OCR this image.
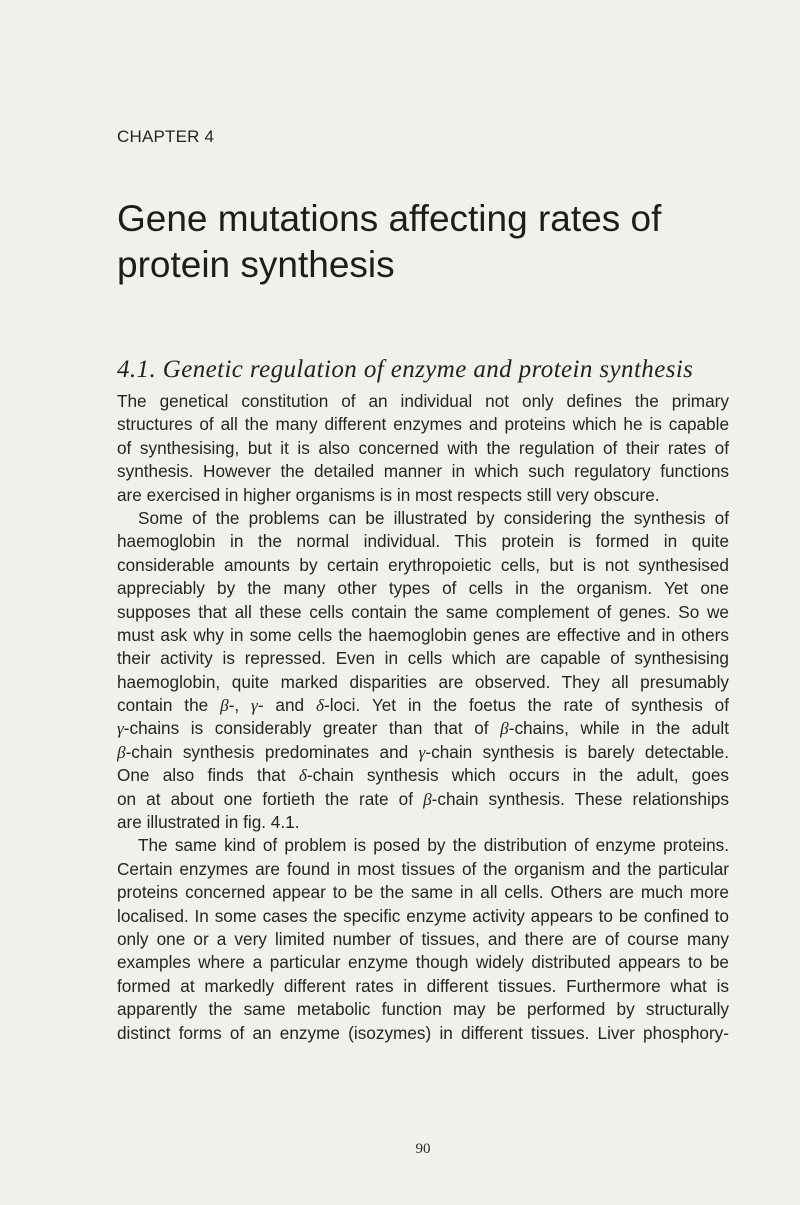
CHAPTER 4
Gene mutations affecting rates of
protein synthesis
4.1. Genetic regulation of enzyme and protein synthesis
The genetical constitution of an individual not only defines the primary
structures of all the many different enzymes and proteins which he is capable
of synthesising, but it is also concerned with the regulation of their rates of
synthesis. However the detailed manner in which such regulatory functions
are exercised in higher organisms is in most respects still very obscure.
Some of the problems can be illustrated by considering the synthesis of
haemoglobin in the normal individual. This protein is formed in quite
considerable amounts by certain erythropoietic cells, but is not synthesised
appreciably by the many other types of cells in the organism. Yet one
supposes that all these cells contain the same complement of genes. So we
must ask why in some cells the haemoglobin genes are effective and in others
their activity is repressed. Even in cells which are capable of synthesising
haemoglobin, quite marked disparities are observed. They all presumably
contain the β-, γ- and δ-loci. Yet in the foetus the rate of synthesis of
γ-chains is considerably greater than that of β-chains, while in the adult
β-chain synthesis predominates and γ-chain synthesis is barely detectable.
One also finds that δ-chain synthesis which occurs in the adult, goes
on at about one fortieth the rate of β-chain synthesis. These relationships
are illustrated in fig. 4.1.
The same kind of problem is posed by the distribution of enzyme proteins.
Certain enzymes are found in most tissues of the organism and the particular
proteins concerned appear to be the same in all cells. Others are much more
localised. In some cases the specific enzyme activity appears to be confined to
only one or a very limited number of tissues, and there are of course many
examples where a particular enzyme though widely distributed appears to be
formed at markedly different rates in different tissues. Furthermore what is
apparently the same metabolic function may be performed by structurally
distinct forms of an enzyme (isozymes) in different tissues. Liver phosphory-
90
